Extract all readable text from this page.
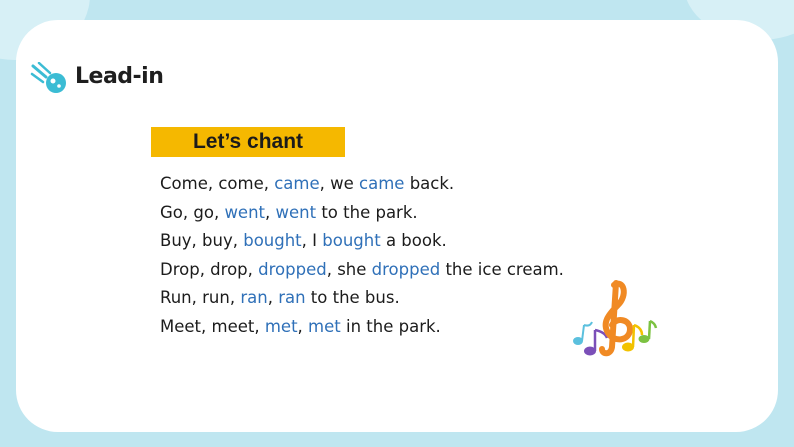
Lead-in
Let’s chant
Come, come, came, we came back.
Go, go, went, went to the park.
Buy, buy, bought, I bought a book.
Drop, drop, dropped, she dropped the ice cream.
Run, run, ran, ran to the bus.
Meet, meet, met, met in the park.
